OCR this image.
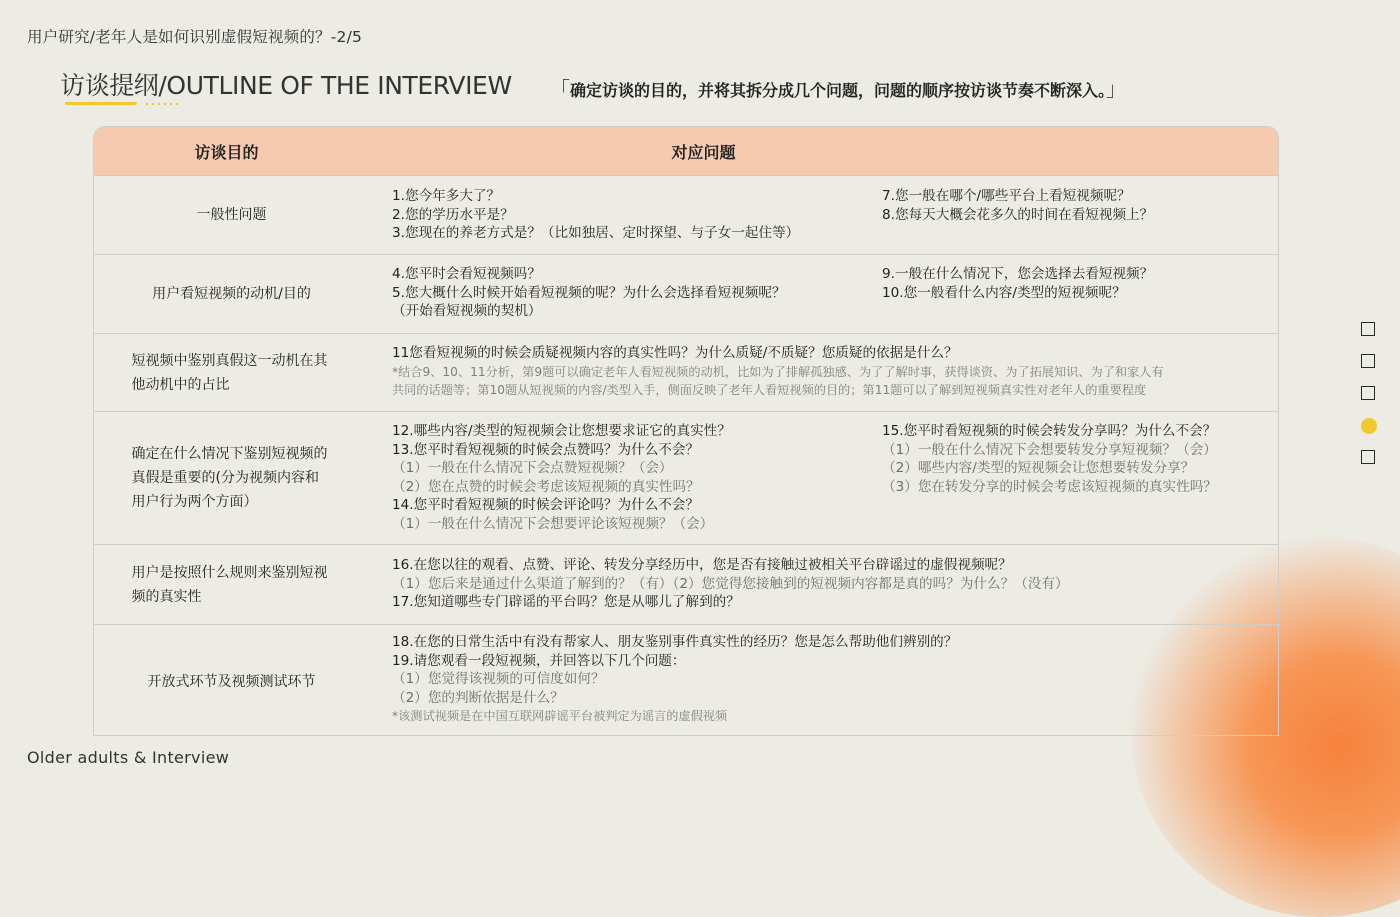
用户研究/老年人是如何识别虚假短视频的？-2/5
访谈提纲/OUTLINE OF THE INTERVIEW 「确定访谈的目的，并将其拆分成几个问题，问题的顺序按访谈节奏不断深入。」
访谈目的	对应问题
一般性问题
1.您今年多大了？
2.您的学历水平是？
3.您现在的养老方式是？（比如独居、定时探望、与子女一起住等）
7.您一般在哪个/哪些平台上看短视频呢？
8.您每天大概会花多久的时间在看短视频上？
用户看短视频的动机/目的
4.您平时会看短视频吗？
5.您大概什么时候开始看短视频的呢？为什么会选择看短视频呢？
（开始看短视频的契机）
9.一般在什么情况下，您会选择去看短视频？
10.您一般看什么内容/类型的短视频呢？
短视频中鉴别真假这一动机在其他动机中的占比
11您看短视频的时候会质疑视频内容的真实性吗？为什么质疑/不质疑？您质疑的依据是什么？
*结合9、10、11分析，第9题可以确定老年人看短视频的动机，比如为了排解孤独感、为了了解时事，获得谈资、为了拓展知识、为了和家人有
共同的话题等；第10题从短视频的内容/类型入手，侧面反映了老年人看短视频的目的；第11题可以了解到短视频真实性对老年人的重要程度
确定在什么情况下鉴别短视频的真假是重要的(分为视频内容和用户行为两个方面）
12.哪些内容/类型的短视频会让您想要求证它的真实性？
13.您平时看短视频的时候会点赞吗？为什么不会？
（1）一般在什么情况下会点赞短视频？（会）
（2）您在点赞的时候会考虑该短视频的真实性吗？
14.您平时看短视频的时候会评论吗？为什么不会？
（1）一般在什么情况下会想要评论该短视频？（会）
15.您平时看短视频的时候会转发分享吗？为什么不会？
（1）一般在什么情况下会想要转发分享短视频？（会）
（2）哪些内容/类型的短视频会让您想要转发分享？
（3）您在转发分享的时候会考虑该短视频的真实性吗？
用户是按照什么规则来鉴别短视频的真实性
16.在您以往的观看、点赞、评论、转发分享经历中，您是否有接触过被相关平台辟谣过的虚假视频呢？
（1）您后来是通过什么渠道了解到的？（有）（2）您觉得您接触到的短视频内容都是真的吗？为什么？（没有）
17.您知道哪些专门辟谣的平台吗？您是从哪儿了解到的？
开放式环节及视频测试环节
18.在您的日常生活中有没有帮家人、朋友鉴别事件真实性的经历？您是怎么帮助他们辨别的？
19.请您观看一段短视频，并回答以下几个问题：
（1）您觉得该视频的可信度如何？
（2）您的判断依据是什么？
*该测试视频是在中国互联网辟谣平台被判定为谣言的虚假视频
Older adults & Interview
